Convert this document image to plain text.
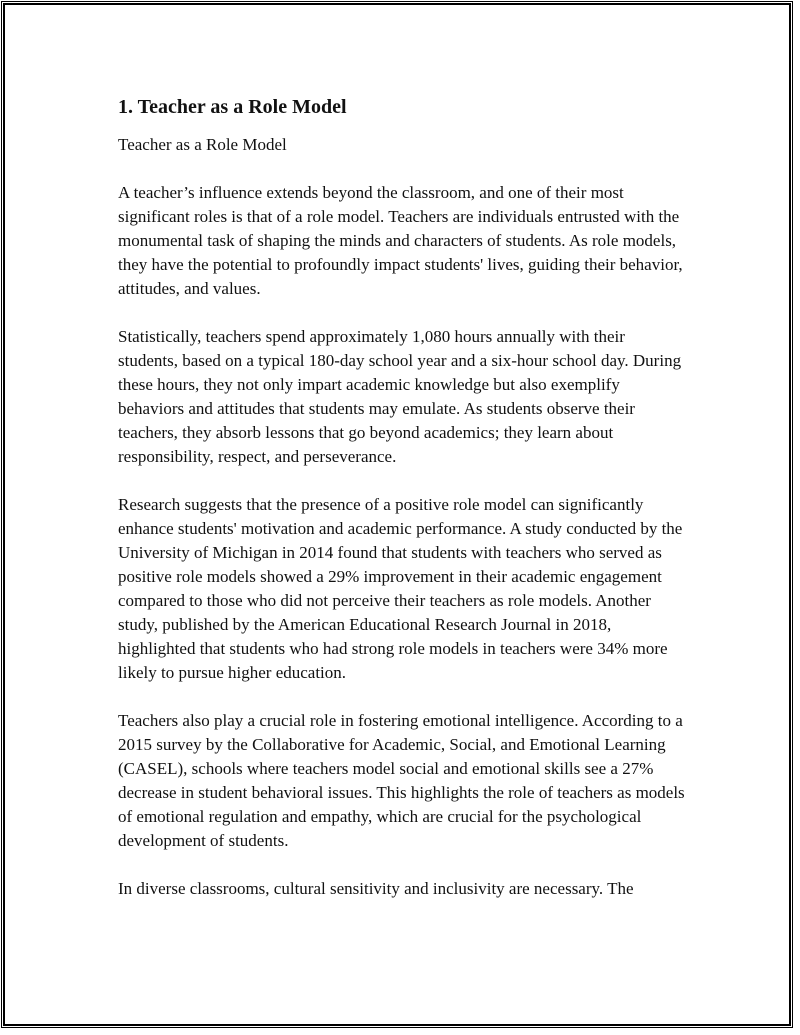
1. Teacher as a Role Model

Teacher as a Role Model

A teacher’s influence extends beyond the classroom, and one of their most significant roles is that of a role model. Teachers are individuals entrusted with the monumental task of shaping the minds and characters of students. As role models, they have the potential to profoundly impact students' lives, guiding their behavior, attitudes, and values.

Statistically, teachers spend approximately 1,080 hours annually with their students, based on a typical 180-day school year and a six-hour school day. During these hours, they not only impart academic knowledge but also exemplify behaviors and attitudes that students may emulate. As students observe their teachers, they absorb lessons that go beyond academics; they learn about responsibility, respect, and perseverance.

Research suggests that the presence of a positive role model can significantly enhance students' motivation and academic performance. A study conducted by the University of Michigan in 2014 found that students with teachers who served as positive role models showed a 29% improvement in their academic engagement compared to those who did not perceive their teachers as role models. Another study, published by the American Educational Research Journal in 2018, highlighted that students who had strong role models in teachers were 34% more likely to pursue higher education.

Teachers also play a crucial role in fostering emotional intelligence. According to a 2015 survey by the Collaborative for Academic, Social, and Emotional Learning (CASEL), schools where teachers model social and emotional skills see a 27% decrease in student behavioral issues. This highlights the role of teachers as models of emotional regulation and empathy, which are crucial for the psychological development of students.

In diverse classrooms, cultural sensitivity and inclusivity are necessary. The
